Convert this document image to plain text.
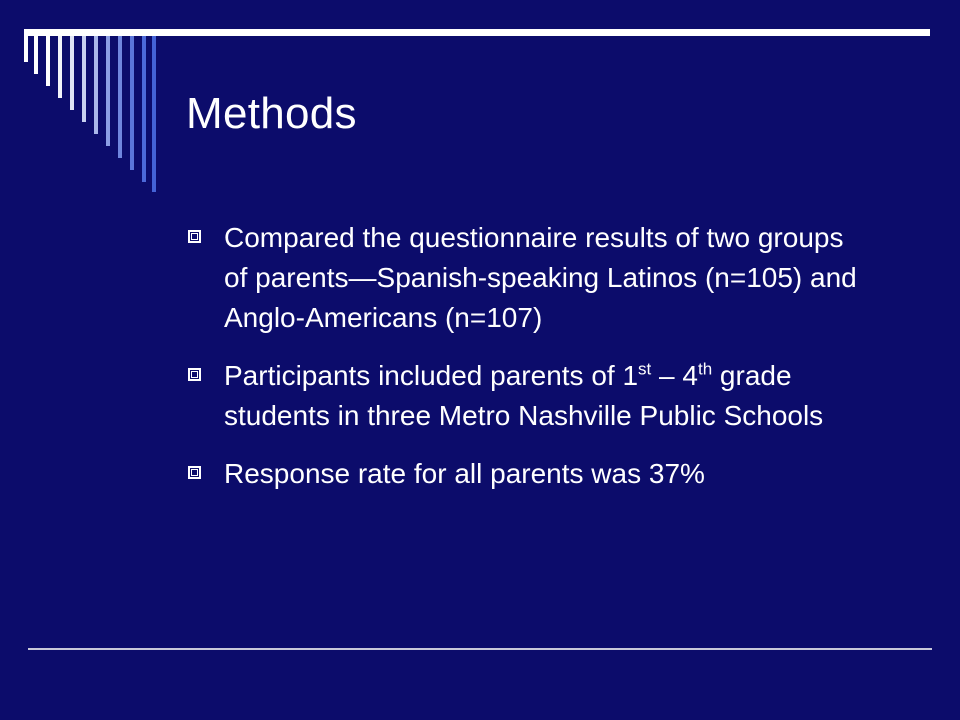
Methods
Compared the questionnaire results of two groups of parents—Spanish-speaking Latinos (n=105) and Anglo-Americans (n=107)
Participants included parents of 1st – 4th grade students in three Metro Nashville Public Schools
Response rate for all parents was 37%
